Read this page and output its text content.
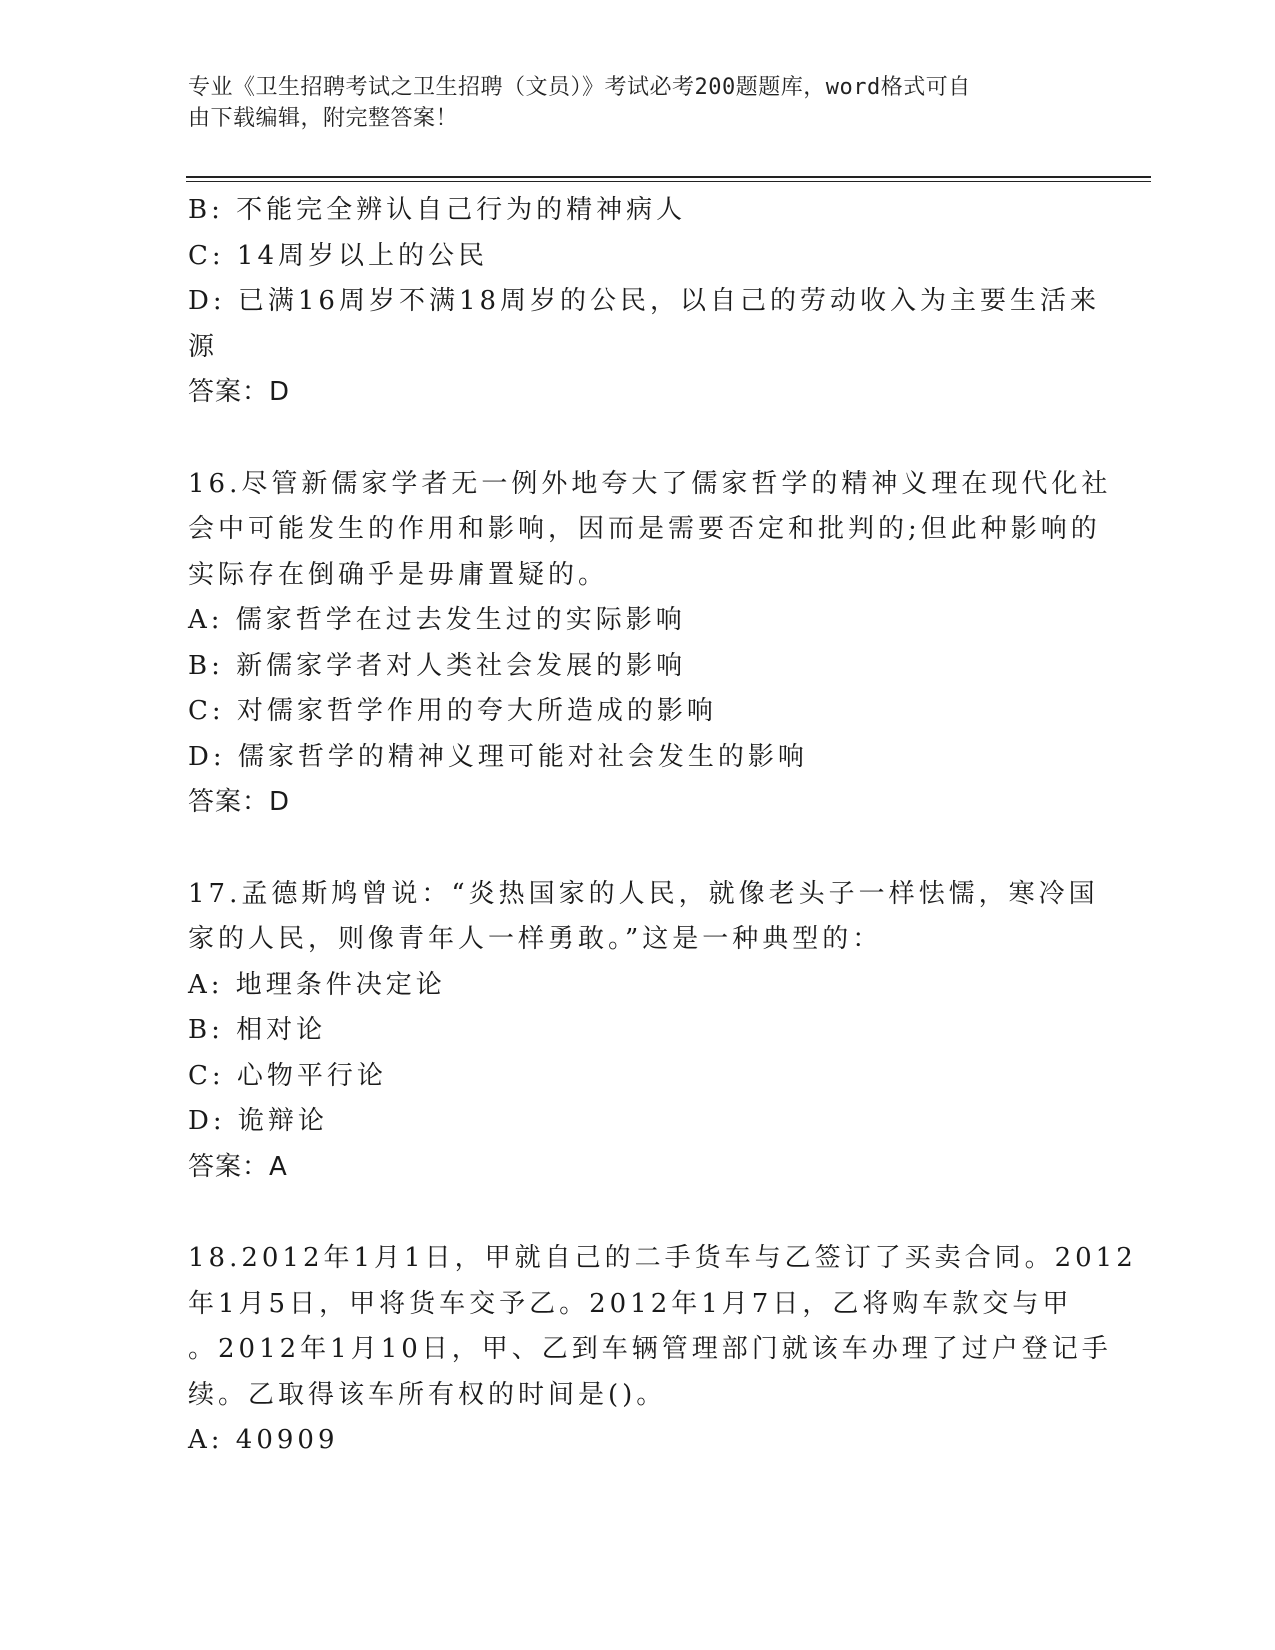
专业《卫生招聘考试之卫生招聘（文员）》考试必考200题题库，word格式可自
由下载编辑，附完整答案！
B: 不能完全辨认自己行为的精神病人
C: 14周岁以上的公民
D: 已满16周岁不满18周岁的公民，以自己的劳动收入为主要生活来
源
答案：D
16.尽管新儒家学者无一例外地夸大了儒家哲学的精神义理在现代化社
会中可能发生的作用和影响，因而是需要否定和批判的;但此种影响的
实际存在倒确乎是毋庸置疑的。
A: 儒家哲学在过去发生过的实际影响
B: 新儒家学者对人类社会发展的影响
C: 对儒家哲学作用的夸大所造成的影响
D: 儒家哲学的精神义理可能对社会发生的影响
答案：D
17.孟德斯鸠曾说：“炎热国家的人民，就像老头子一样怯懦，寒冷国
家的人民，则像青年人一样勇敢。”这是一种典型的：
A: 地理条件决定论
B: 相对论
C: 心物平行论
D: 诡辩论
答案：A
18.2012年1月1日，甲就自己的二手货车与乙签订了买卖合同。2012
年1月5日，甲将货车交予乙。2012年1月7日，乙将购车款交与甲
。2012年1月10日，甲、乙到车辆管理部门就该车办理了过户登记手
续。乙取得该车所有权的时间是()。
A: 40909
